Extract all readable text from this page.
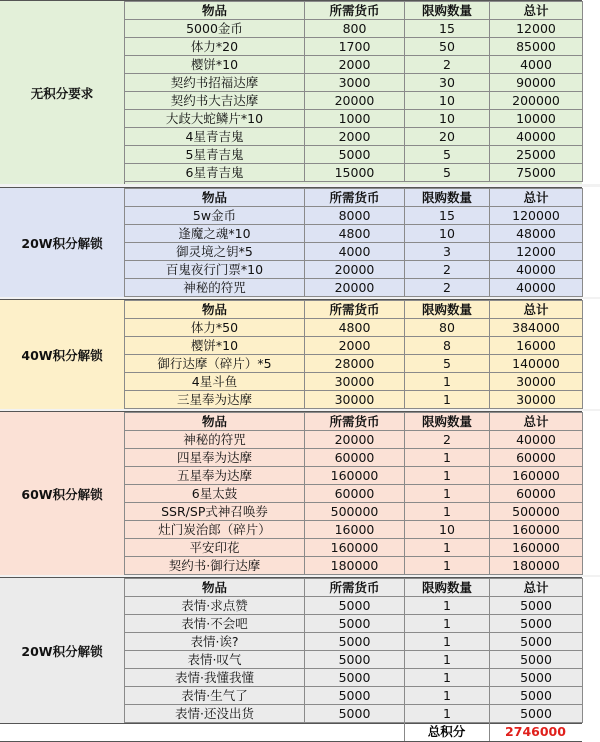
无积分要求
物品	所需货币	限购数量	总计
5000金币	800	15	12000
体力*20	1700	50	85000
樱饼*10	2000	2	4000
契约书招福达摩	3000	30	90000
契约书大吉达摩	20000	10	200000
大歧大蛇鳞片*10	1000	10	10000
4星青吉鬼	2000	20	40000
5星青吉鬼	5000	5	25000
6星青吉鬼	15000	5	75000
20W积分解锁
物品	所需货币	限购数量	总计
5w金币	8000	15	120000
逢魔之魂*10	4800	10	48000
御灵境之钥*5	4000	3	12000
百鬼夜行门票*10	20000	2	40000
神秘的符咒	20000	2	40000
40W积分解锁
物品	所需货币	限购数量	总计
体力*50	4800	80	384000
樱饼*10	2000	8	16000
御行达摩（碎片）*5	28000	5	140000
4星斗鱼	30000	1	30000
三星奉为达摩	30000	1	30000
60W积分解锁
物品	所需货币	限购数量	总计
神秘的符咒	20000	2	40000
四星奉为达摩	60000	1	60000
五星奉为达摩	160000	1	160000
6星太鼓	60000	1	60000
SSR/SP式神召唤券	500000	1	500000
灶门炭治郎（碎片）	16000	10	160000
平安印花	160000	1	160000
契约书·御行达摩	180000	1	180000
20W积分解锁
物品	所需货币	限购数量	总计
表情·求点赞	5000	1	5000
表情·不会吧	5000	1	5000
表情·诶?	5000	1	5000
表情·叹气	5000	1	5000
表情·我懂我懂	5000	1	5000
表情·生气了	5000	1	5000
表情·还没出货	5000	1	5000
总积分	2746000
